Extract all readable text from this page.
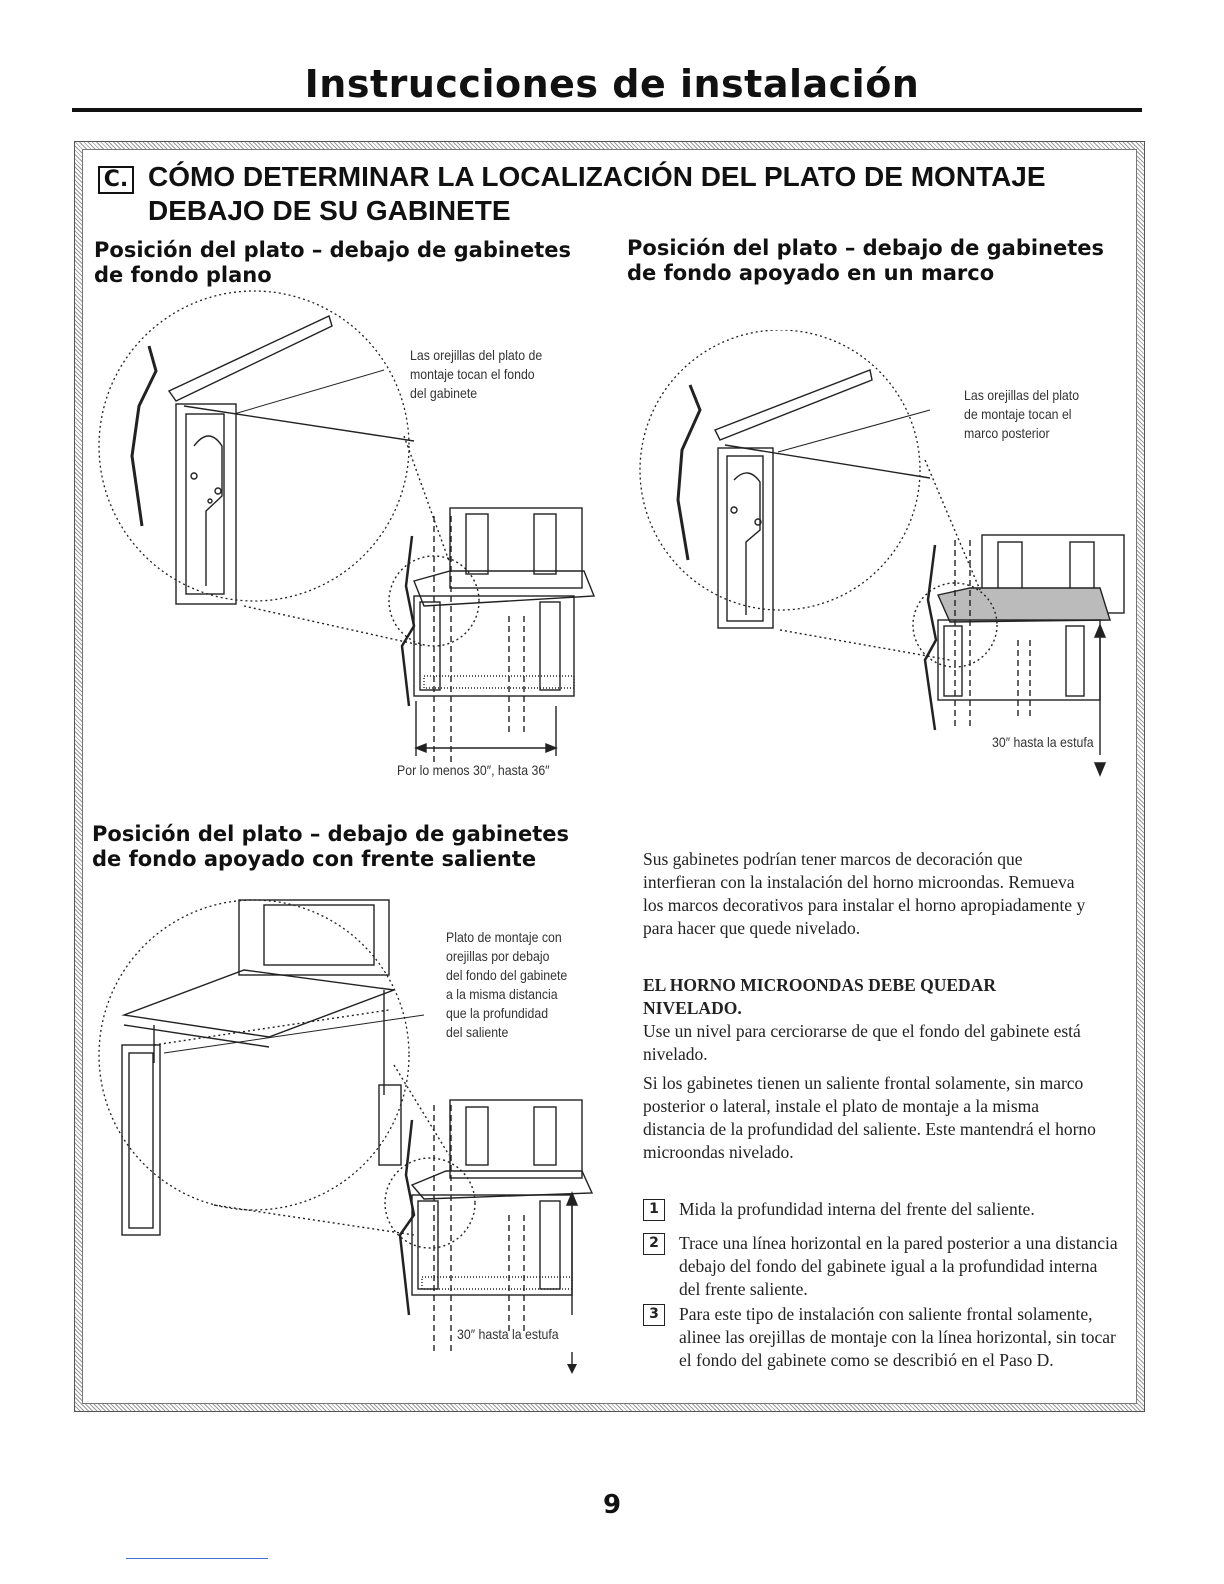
Instrucciones de instalación
C. CÓMO DETERMINAR LA LOCALIZACIÓN DEL PLATO DE MONTAJE
DEBAJO DE SU GABINETE
Posición del plato – debajo de gabinetes
de fondo plano
Posición del plato – debajo de gabinetes
de fondo apoyado en un marco
Las orejillas del plato de
montaje tocan el fondo
del gabinete
Por lo menos 30″, hasta 36″
Las orejillas del plato
de montaje tocan el
marco posterior
30″ hasta la estufa
Posición del plato – debajo de gabinetes
de fondo apoyado con frente saliente
Plato de montaje con
orejillas por debajo
del fondo del gabinete
a la misma distancia
que la profundidad
del saliente
30″ hasta la estufa

Sus gabinetes podrían tener marcos de decoración que interfieran con la instalación del horno microondas. Remueva los marcos decorativos para instalar el horno apropiadamente y para hacer que quede nivelado.

EL HORNO MICROONDAS DEBE QUEDAR NIVELADO.

Use un nivel para cerciorarse de que el fondo del gabinete está nivelado.

Si los gabinetes tienen un saliente frontal solamente, sin marco posterior o lateral, instale el plato de montaje a la misma distancia de la profundidad del saliente. Este mantendrá el horno microondas nivelado.

1	Mida la profundidad interna del frente del saliente.
2	Trace una línea horizontal en la pared posterior a una distancia debajo del fondo del gabinete igual a la profundidad interna del frente saliente.
3	Para este tipo de instalación con saliente frontal solamente, alinee las orejillas de montaje con la línea horizontal, sin tocar el fondo del gabinete como se describió en el Paso D.
9
